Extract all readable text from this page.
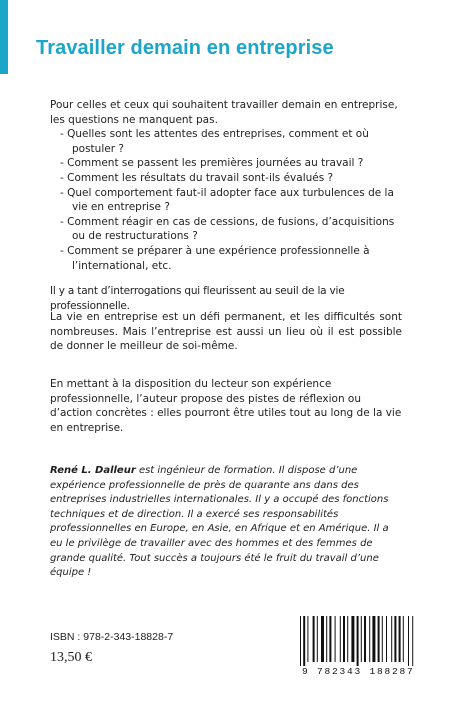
Travailler demain en entreprise

Pour celles et ceux qui souhaitent travailler demain en entreprise, les questions ne manquent pas.

- Quelles sont les attentes des entreprises, comment et où postuler ?
- Comment se passent les premières journées au travail ?
- Comment les résultats du travail sont-ils évalués ?
- Quel comportement faut-il adopter face aux turbulences de la vie en entreprise ?
- Comment réagir en cas de cessions, de fusions, d’acquisitions ou de restructurations ?
- Comment se préparer à une expérience professionnelle à l’international, etc.

Il y a tant d’interrogations qui fleurissent au seuil de la vie professionnelle.

La vie en entreprise est un défi permanent, et les difficultés sont nombreuses. Mais l’entreprise est aussi un lieu où il est possible de donner le meilleur de soi-même.

En mettant à la disposition du lecteur son expérience professionnelle, l’auteur propose des pistes de réflexion ou d’action concrètes : elles pourront être utiles tout au long de la vie en entreprise.

René L. Dalleur est ingénieur de formation. Il dispose d’une expérience professionnelle de près de quarante ans dans des entreprises industrielles internationales. Il y a occupé des fonctions techniques et de direction. Il a exercé ses responsabilités professionnelles en Europe, en Asie, en Afrique et en Amérique. Il a eu le privilège de travailler avec des hommes et des femmes de grande qualité. Tout succès a toujours été le fruit du travail d’une équipe !

ISBN : 978-2-343-18828-7
13,50 €
9 782343 188287
